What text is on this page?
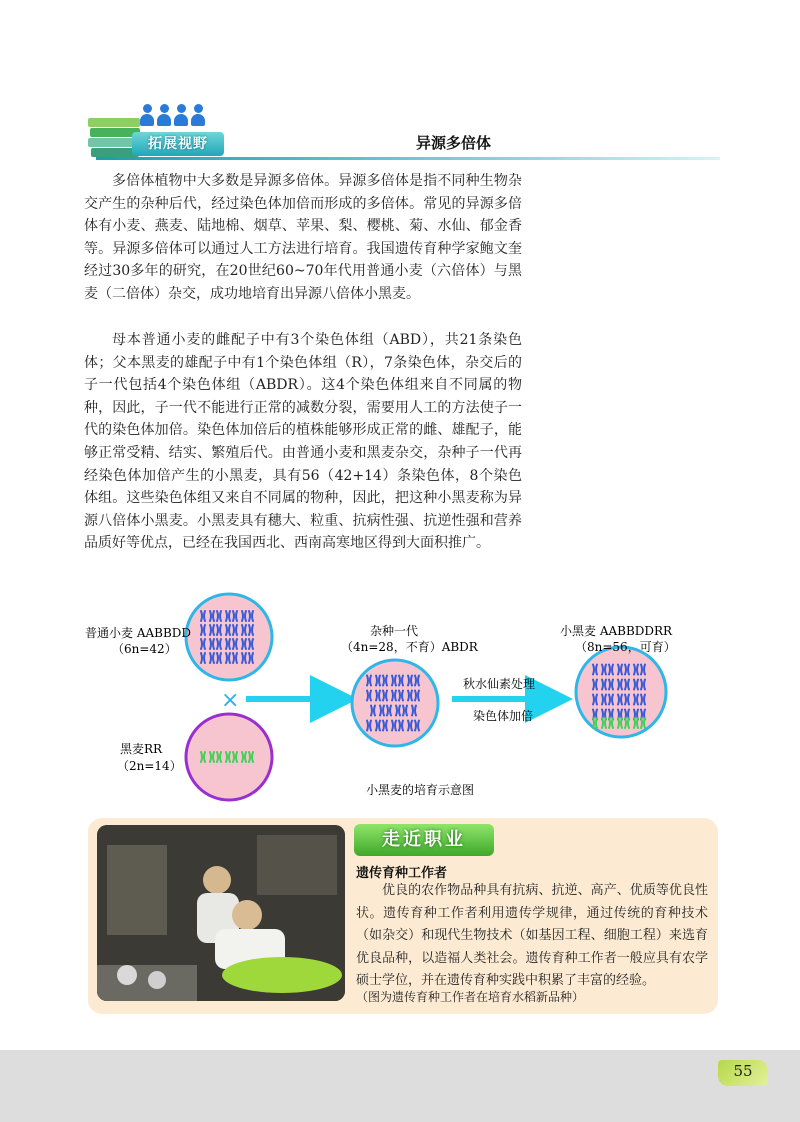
拓展视野	异源多倍体

多倍体植物中大多数是异源多倍体。异源多倍体是指不同种生物杂交产生的杂种后代，经过染色体加倍而形成的多倍体。常见的异源多倍体有小麦、燕麦、陆地棉、烟草、苹果、梨、樱桃、菊、水仙、郁金香等。异源多倍体可以通过人工方法进行培育。我国遗传育种学家鲍文奎经过30多年的研究，在20世纪60~70年代用普通小麦（六倍体）与黑麦（二倍体）杂交，成功地培育出异源八倍体小黑麦。

母本普通小麦的雌配子中有3个染色体组（ABD），共21条染色体；父本黑麦的雄配子中有1个染色体组（R），7条染色体，杂交后的子一代包括4个染色体组（ABDR）。这4个染色体组来自不同属的物种，因此，子一代不能进行正常的减数分裂，需要用人工的方法使子一代的染色体加倍。染色体加倍后的植株能够形成正常的雌、雄配子，能够正常受精、结实、繁殖后代。由普通小麦和黑麦杂交，杂种子一代再经染色体加倍产生的小黑麦，具有56（42+14）条染色体，8个染色体组。这些染色体组又来自不同属的物种，因此，把这种小黑麦称为异源八倍体小黑麦。小黑麦具有穗大、粒重、抗病性强、抗逆性强和营养品质好等优点，已经在我国西北、西南高寒地区得到大面积推广。

×
普通小麦 AABBDD
（6n=42）
黑麦RR
（2n=14）
杂种一代
（4n=28，不育）ABDR
秋水仙素处理
染色体加倍
小黑麦 AABBDDRR
（8n=56，可育）
小黑麦的培育示意图
走近职业
遗传育种工作者

优良的农作物品种具有抗病、抗逆、高产、优质等优良性状。遗传育种工作者利用遗传学规律，通过传统的育种技术（如杂交）和现代生物技术（如基因工程、细胞工程）来选育优良品种，以造福人类社会。遗传育种工作者一般应具有农学硕士学位，并在遗传育种实践中积累了丰富的经验。

（图为遗传育种工作者在培育水稻新品种）
55
